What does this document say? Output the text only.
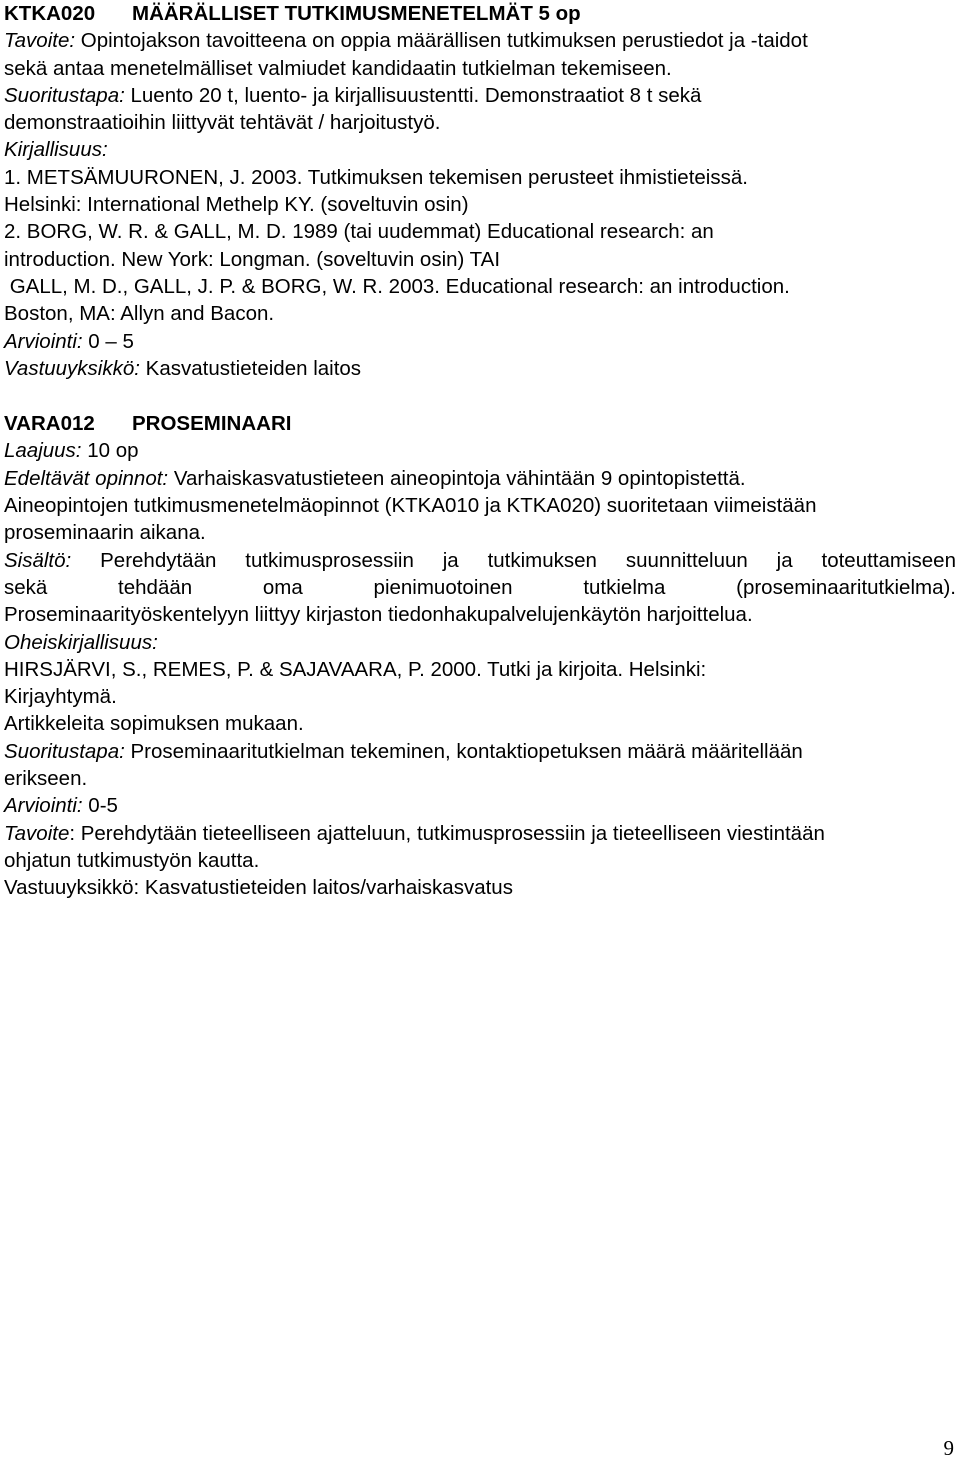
KTKA020 MÄÄRÄLLISET TUTKIMUSMENETELMÄT 5 op
Tavoite: Opintojakson tavoitteena on oppia määrällisen tutkimuksen perustiedot ja -taidot
sekä antaa menetelmälliset valmiudet kandidaatin tutkielman tekemiseen.
Suoritustapa: Luento 20 t, luento- ja kirjallisuustentti. Demonstraatiot 8 t sekä
demonstraatioihin liittyvät tehtävät / harjoitustyö.
Kirjallisuus:
1. METSÄMUURONEN, J. 2003. Tutkimuksen tekemisen perusteet ihmistieteissä.
Helsinki: International Methelp KY. (soveltuvin osin)
2. BORG, W. R. & GALL, M. D. 1989 (tai uudemmat) Educational research: an
introduction. New York: Longman. (soveltuvin osin) TAI
GALL, M. D., GALL, J. P. & BORG, W. R. 2003. Educational research: an introduction.
Boston, MA: Allyn and Bacon.
Arviointi: 0 – 5
Vastuuyksikkö: Kasvatustieteiden laitos
VARA012 PROSEMINAARI
Laajuus: 10 op
Edeltävät opinnot: Varhaiskasvatustieteen aineopintoja vähintään 9 opintopistettä.
Aineopintojen tutkimusmenetelmäopinnot (KTKA010 ja KTKA020) suoritetaan viimeistään
proseminaarin aikana.
Sisältö: Perehdytään tutkimusprosessiin ja tutkimuksen suunnitteluun ja toteuttamiseen
sekä tehdään oma pienimuotoinen tutkielma (proseminaaritutkielma).
Proseminaarityöskentelyyn liittyy kirjaston tiedonhakupalvelujenkäytön harjoittelua.
Oheiskirjallisuus:
HIRSJÄRVI, S., REMES, P. & SAJAVAARA, P. 2000. Tutki ja kirjoita. Helsinki:
Kirjayhtymä.
Artikkeleita sopimuksen mukaan.
Suoritustapa: Proseminaaritutkielman tekeminen, kontaktiopetuksen määrä määritellään
erikseen.
Arviointi: 0-5
Tavoite: Perehdytään tieteelliseen ajatteluun, tutkimusprosessiin ja tieteelliseen viestintään
ohjatun tutkimustyön kautta.
Vastuuyksikkö: Kasvatustieteiden laitos/varhaiskasvatus
9
